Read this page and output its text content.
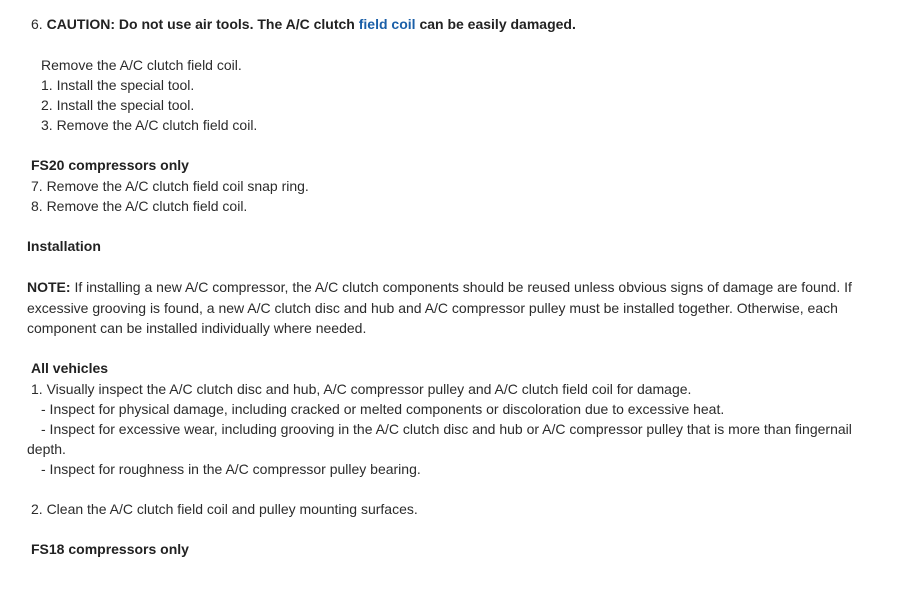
6. CAUTION: Do not use air tools. The A/C clutch field coil can be easily damaged.
Remove the A/C clutch field coil.
1. Install the special tool.
2. Install the special tool.
3. Remove the A/C clutch field coil.
FS20 compressors only
7. Remove the A/C clutch field coil snap ring.
8. Remove the A/C clutch field coil.
Installation
NOTE: If installing a new A/C compressor, the A/C clutch components should be reused unless obvious signs of damage are found. If excessive grooving is found, a new A/C clutch disc and hub and A/C compressor pulley must be installed together. Otherwise, each component can be installed individually where needed.
All vehicles
1. Visually inspect the A/C clutch disc and hub, A/C compressor pulley and A/C clutch field coil for damage.
- Inspect for physical damage, including cracked or melted components or discoloration due to excessive heat.
- Inspect for excessive wear, including grooving in the A/C clutch disc and hub or A/C compressor pulley that is more than fingernail
depth.
- Inspect for roughness in the A/C compressor pulley bearing.
2. Clean the A/C clutch field coil and pulley mounting surfaces.
FS18 compressors only
